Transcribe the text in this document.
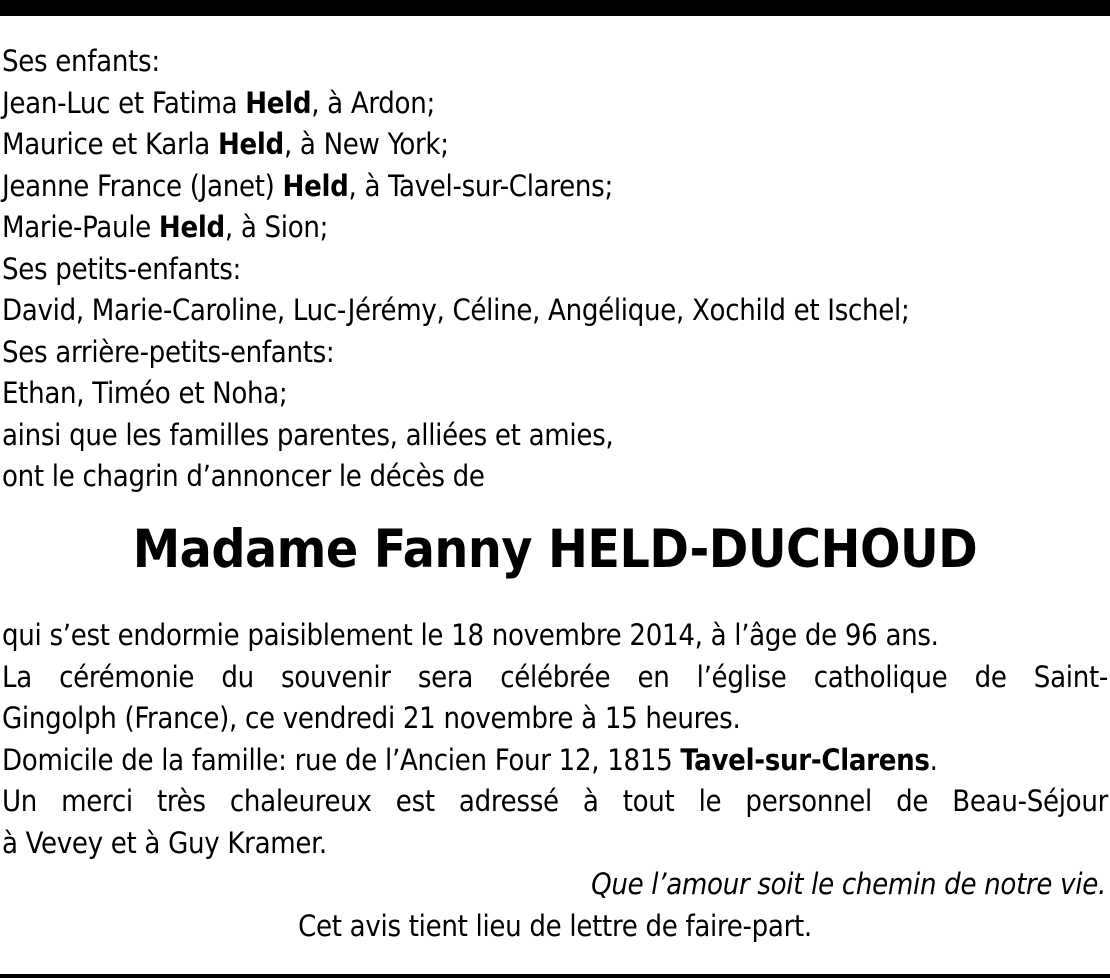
Ses enfants:
Jean-Luc et Fatima Held, à Ardon;
Maurice et Karla Held, à New York;
Jeanne France (Janet) Held, à Tavel-sur-Clarens;
Marie-Paule Held, à Sion;
Ses petits-enfants:
David, Marie-Caroline, Luc-Jérémy, Céline, Angélique, Xochild et Ischel;
Ses arrière-petits-enfants:
Ethan, Timéo et Noha;
ainsi que les familles parentes, alliées et amies,
ont le chagrin d’annoncer le décès de
Madame Fanny HELD-DUCHOUD
qui s’est endormie paisiblement le 18 novembre 2014, à l’âge de 96 ans.
La cérémonie du souvenir sera célébrée en l’église catholique de Saint-
Gingolph (France), ce vendredi 21 novembre à 15 heures.
Domicile de la famille: rue de l’Ancien Four 12, 1815 Tavel-sur-Clarens.
Un merci très chaleureux est adressé à tout le personnel de Beau-Séjour
à Vevey et à Guy Kramer.
Que l’amour soit le chemin de notre vie.
Cet avis tient lieu de lettre de faire-part.
